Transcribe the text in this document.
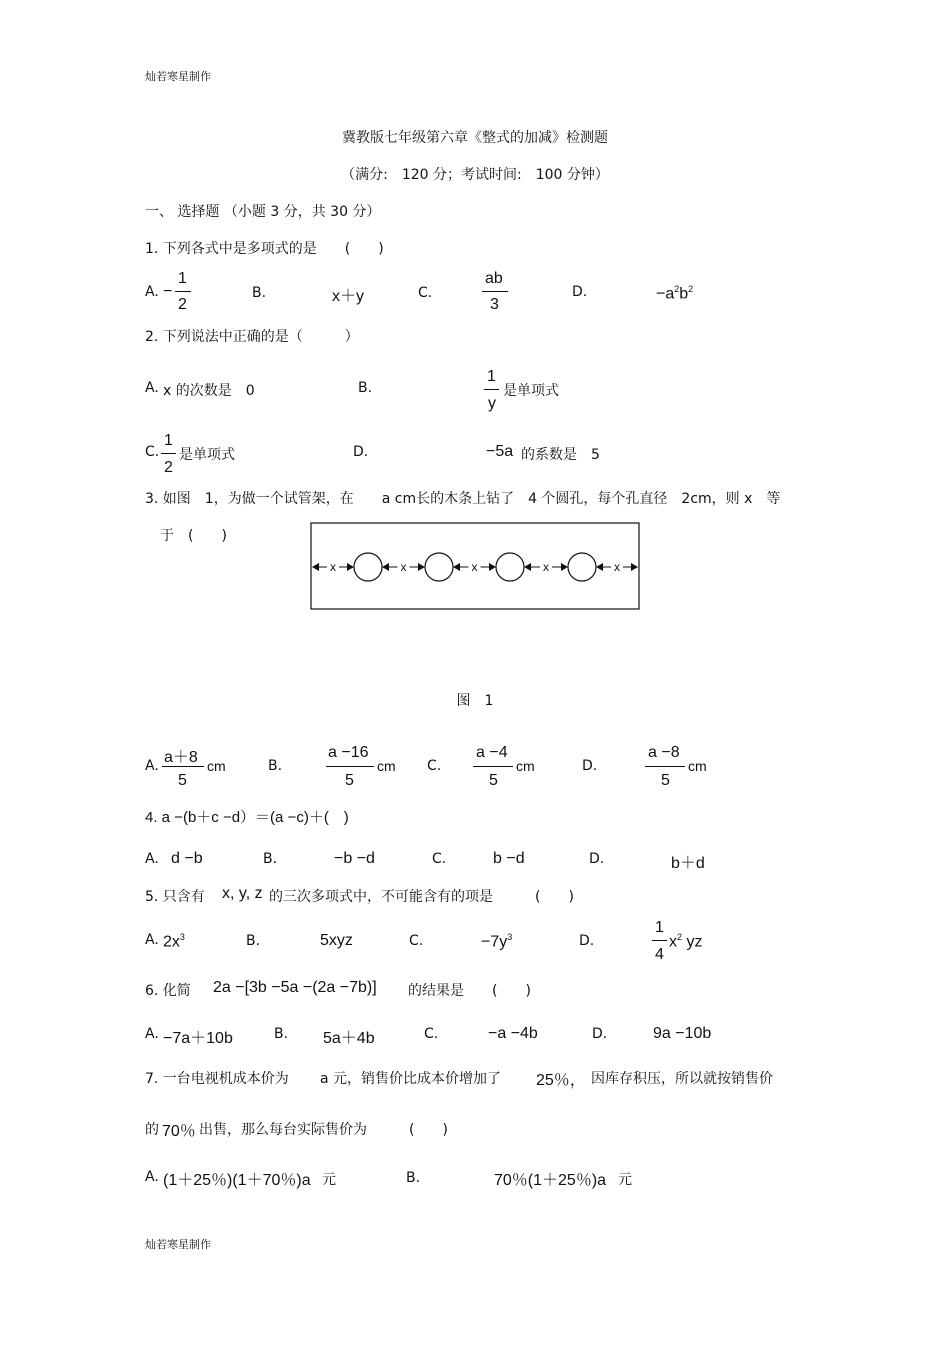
灿若寒星制作
灿若寒星制作
冀教版七年级第六章《整式的加减》检测题
（满分:　120 分；考试时间:　100 分钟）
一、 选择题 （小题 3 分，共 30 分）
1. 下列各式中是多项式的是　　(　　)
A. −
1
2
B.	x＋y	C.
ab
3
D.	$-a^2b^2$
2. 下列说法中正确的是（　　　）
A. x 的次数是　0	B.
1
y
是单项式
C.
1
2
是单项式	D.	−5a 的系数是　5
3. 如图　1，为做一个试管架，在　　a cm长的木条上钻了　4 个圆孔，每个孔直径　2cm，则 x　等
于　(　　)
x	x	x	x	x
图　1
A. a＋8
5
cm	B.
a −16
5
cm C.
a −4
5
cm	D.
a −8
5
cm
4. a −(b＋c −d）＝(a −c)＋(　)
A. d −b	B.	−b −d	C.	b −d	D.	b＋d
5. 只含有 x, y, z 的三次多项式中，不可能含有的项是　　　(　　)
A. $2x^3$	B.	5xyz	C.	$-7y^3$	D.
1
4
$x^2$ yz
6. 化简 2a −[3b −5a −(2a −7b)] 的结果是　　(　　)
A. −7a＋10b	B. 5a＋4b	C.	−a −4b	D.	9a −10b
7. 一台电视机成本价为 a 元，销售价比成本价增加了 25％， 因库存积压，所以就按销售价
的 70％ 出售，那么每台实际售价为　　　(　　)
A. (1＋25％)(1＋70％)a 元	B.	70％(1＋25％)a 元
